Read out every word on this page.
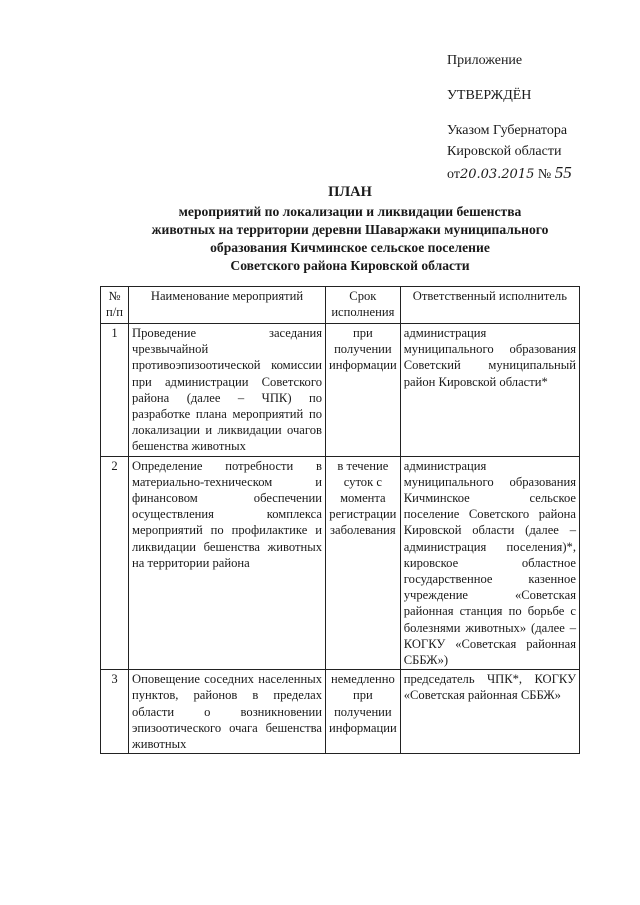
Приложение
УТВЕРЖДЁН
Указом Губернатора
Кировской области
от20.03.2015 № 55
ПЛАН
мероприятий по локализации и ликвидации бешенства
животных на территории деревни Шаваржаки муниципального
образования Кичминское сельское поселение
Советского района Кировской области
№ п/п	Наименование мероприятий	Срок исполнения	Ответственный исполнитель
1	Проведение заседания чрезвычайной противоэпизоотической комиссии при администрации Советского района (далее – ЧПК) по разработке плана мероприятий по локализации и ликвидации очагов бешенства животных	при получении информации	администрация муниципального образования Советский муниципальный район Кировской области*
2	Определение потребности в материально-техническом и финансовом обеспечении осуществления комплекса мероприятий по профилактике и ликвидации бешенства животных на территории района	в течение суток с момента регистрации заболевания	администрация муниципального образования Кичминское сельское поселение Советского района Кировской области (далее – администрация поселения)*, кировское областное государственное казенное учреждение «Советская районная станция по борьбе с болезнями животных» (далее – КОГКУ «Советская районная СББЖ»)
3	Оповещение соседних населенных пунктов, районов в пределах области о возникновении эпизоотического очага бешенства животных	немедленно при получении информации	председатель ЧПК*, КОГКУ «Советская районная СББЖ»
